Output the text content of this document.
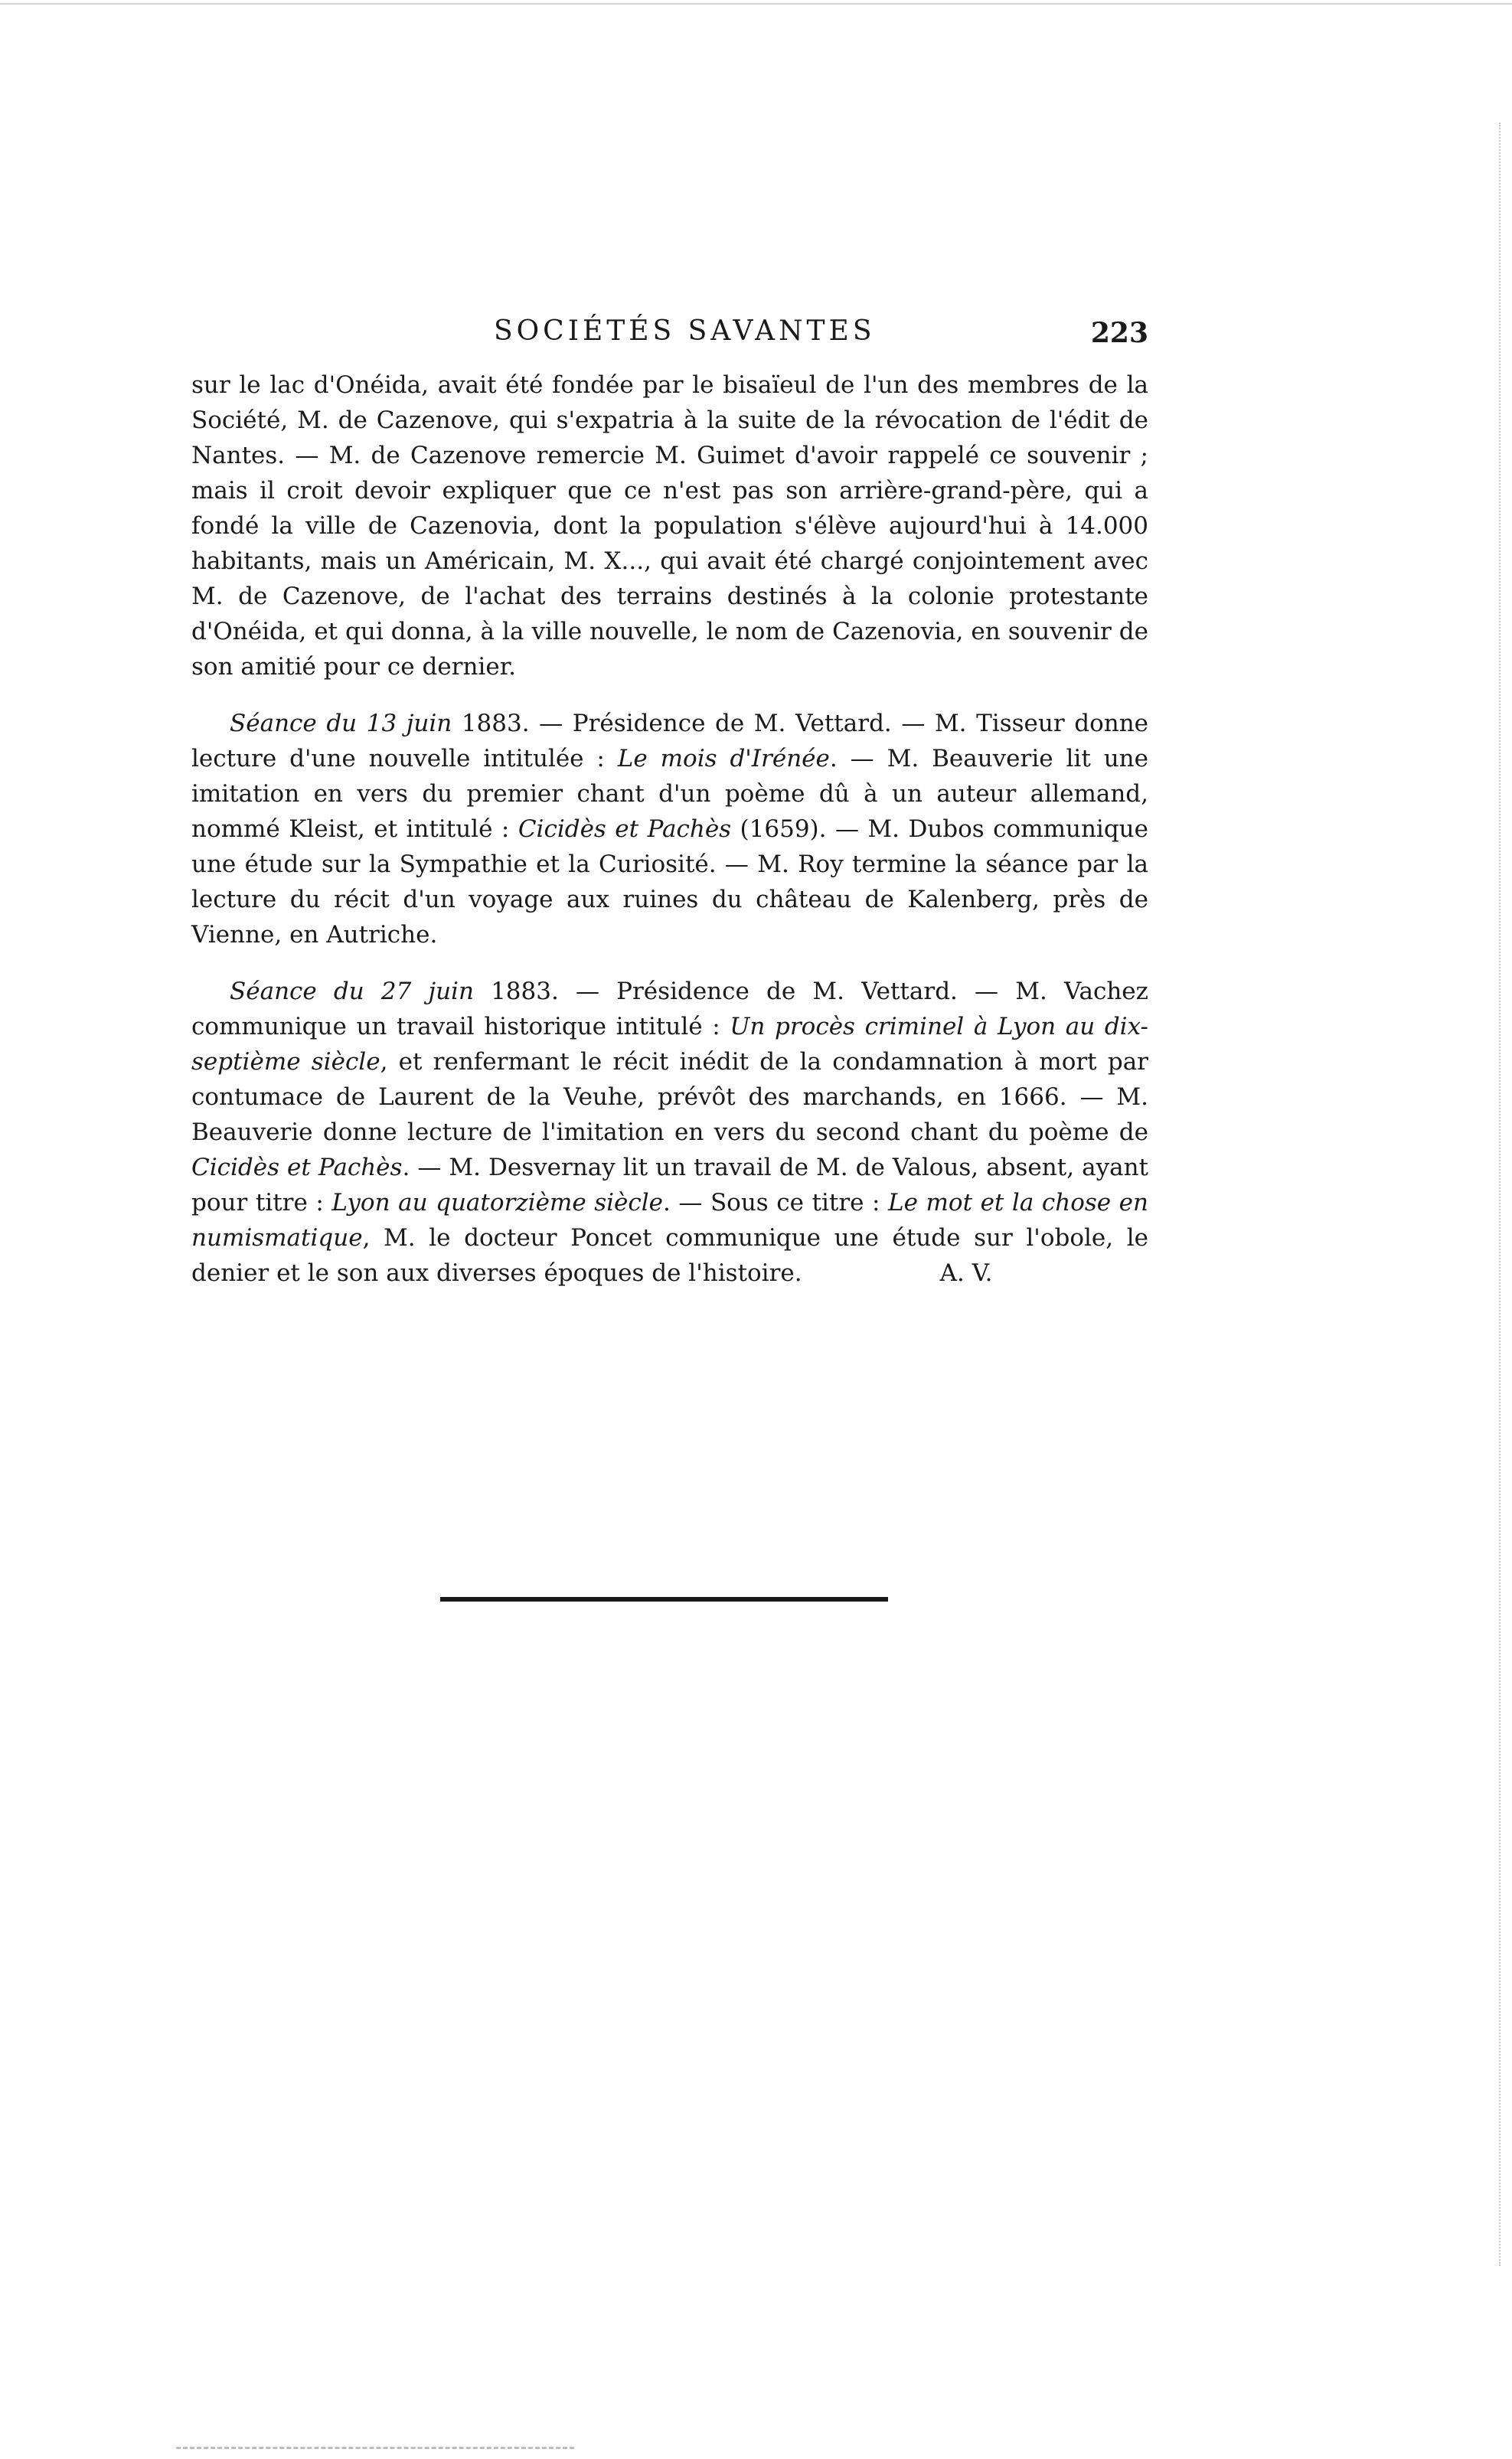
SOCIÉTÉS SAVANTES	223

sur le lac d'Onéida, avait été fondée par le bisaïeul de l'un des membres de la Société, M. de Cazenove, qui s'expatria à la suite de la révocation de l'édit de Nantes. — M. de Cazenove remercie M. Guimet d'avoir rappelé ce souvenir ; mais il croit devoir expliquer que ce n'est pas son arrière-grand-père, qui a fondé la ville de Cazenovia, dont la population s'élève aujourd'hui à 14.000 habitants, mais un Américain, M. X..., qui avait été chargé conjointement avec M. de Cazenove, de l'achat des terrains destinés à la colonie protestante d'Onéida, et qui donna, à la ville nouvelle, le nom de Cazenovia, en souvenir de son amitié pour ce dernier.

Séance du 13 juin 1883. — Présidence de M. Vettard. — M. Tisseur donne lecture d'une nouvelle intitulée : Le mois d'Irénée. — M. Beauverie lit une imitation en vers du premier chant d'un poème dû à un auteur allemand, nommé Kleist, et intitulé : Cicidès et Pachès (1659). — M. Dubos communique une étude sur la Sympathie et la Curiosité. — M. Roy termine la séance par la lecture du récit d'un voyage aux ruines du château de Kalenberg, près de Vienne, en Autriche.

Séance du 27 juin 1883. — Présidence de M. Vettard. — M. Vachez communique un travail historique intitulé : Un procès criminel à Lyon au dix-septième siècle, et renfermant le récit inédit de la condamnation à mort par contumace de Laurent de la Veuhe, prévôt des marchands, en 1666. — M. Beauverie donne lecture de l'imitation en vers du second chant du poème de Cicidès et Pachès. — M. Desvernay lit un travail de M. de Valous, absent, ayant pour titre : Lyon au quatorzième siècle. — Sous ce titre : Le mot et la chose en numismatique, M. le docteur Poncet communique une étude sur l'obole, le denier et le son aux diverses époques de l'histoire.	A. V.
